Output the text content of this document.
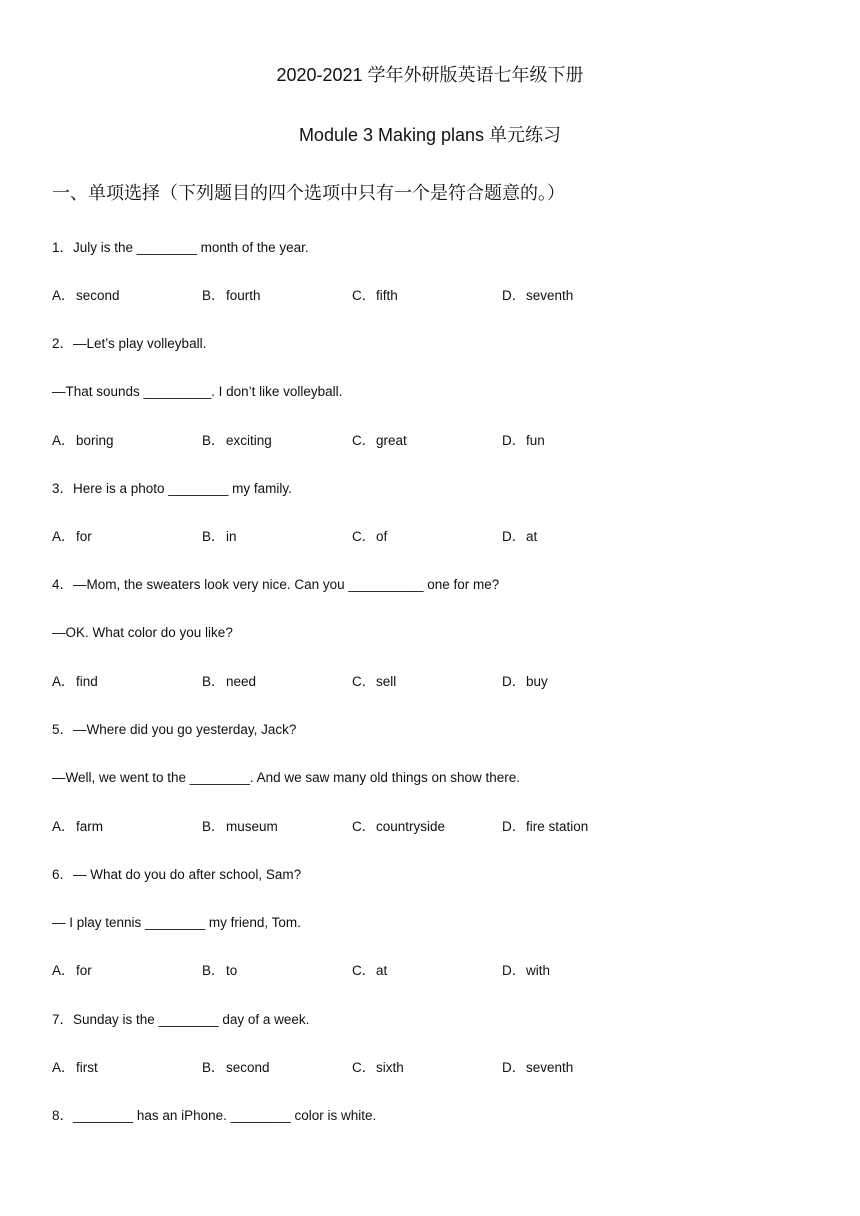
2020-2021 学年外研版英语七年级下册
Module 3 Making plans 单元练习
一、单项选择（下列题目的四个选项中只有一个是符合题意的。）
1．July is the ________ month of the year.
A．second	B．fourth	C．fifth	D．seventh
2．—Let’s play volleyball.
—That sounds _________. I don’t like volleyball.
A．boring	B．exciting	C．great	D．fun
3．Here is a photo ________ my family.
A．for	B．in	C．of	D．at
4．—Mom, the sweaters look very nice. Can you __________ one for me?
—OK. What color do you like?
A．find	B．need	C．sell	D．buy
5．—Where did you go yesterday, Jack?
—Well, we went to the ________. And we saw many old things on show there.
A．farm	B．museum	C．countryside	D．fire station
6．— What do you do after school, Sam?
— I play tennis ________ my friend, Tom.
A．for	B．to	C．at	D．with
7．Sunday is the ________ day of a week.
A．first	B．second	C．sixth	D．seventh
8．________ has an iPhone. ________ color is white.
